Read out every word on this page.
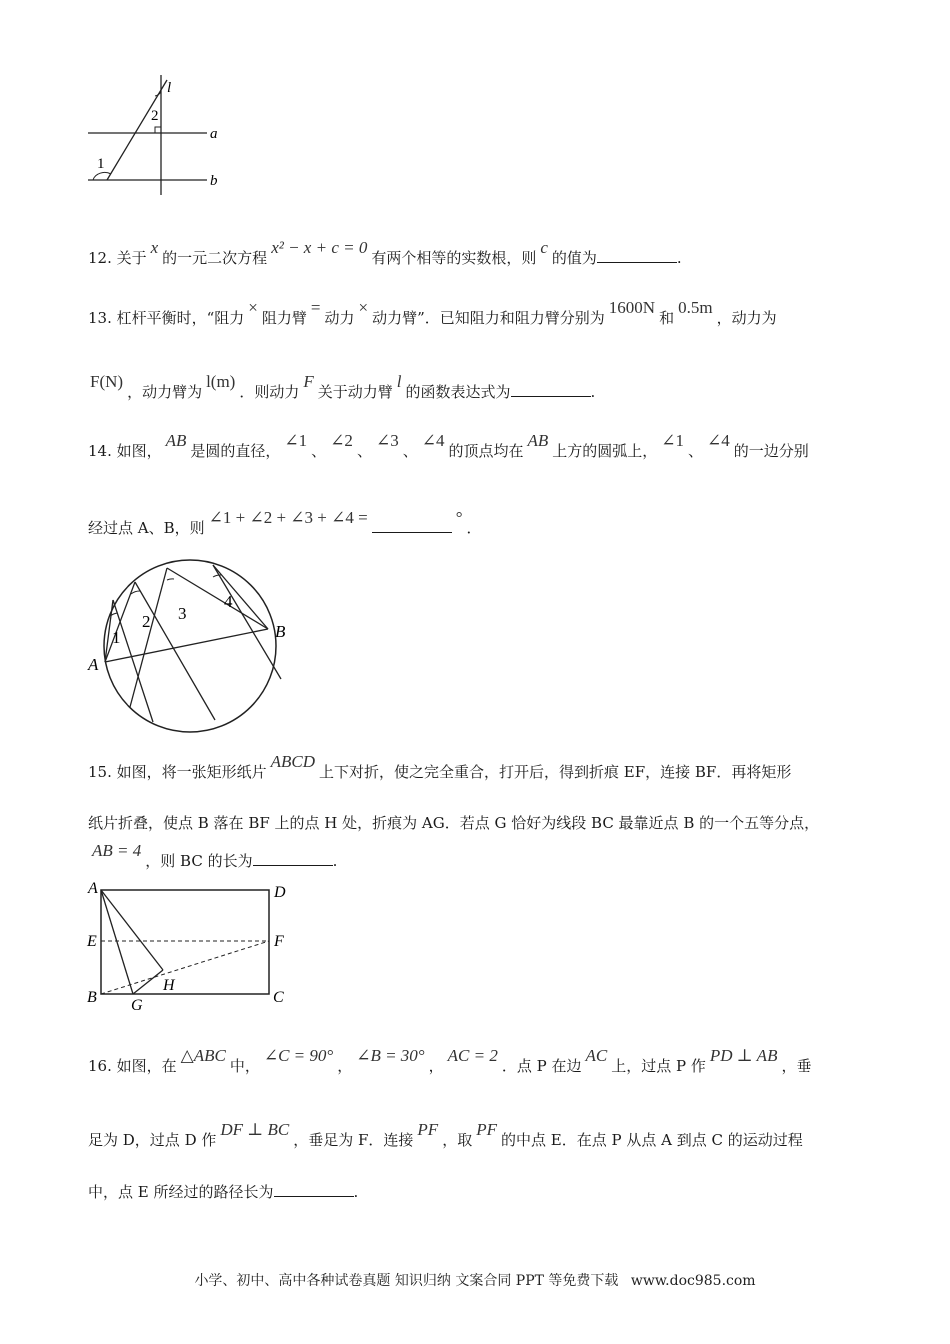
l
a
b
1
2
12. 关于x的一元二次方程x² − x + c = 0有两个相等的实数根，则c的值为	.
13. 杠杆平衡时，“阻力×阻力臂=动力×动力臂”．已知阻力和阻力臂分别为1600N和0.5m，动力为
F(N)，动力臂为l(m)．则动力F关于动力臂l的函数表达式为	.
14. 如图，AB是圆的直径，∠1、∠2、∠3、∠4的顶点均在AB上方的圆弧上，∠1、∠4的一边分别
经过点 A、B，则∠1 + ∠2 + ∠3 + ∠4 =	°．
A
B
1
2 3
4
15. 如图，将一张矩形纸片ABCD上下对折，使之完全重合，打开后，得到折痕 EF，连接 BF．再将矩形
纸片折叠，使点 B 落在 BF 上的点 H 处，折痕为 AG．若点 G 恰好为线段 BC 最靠近点 B 的一个五等分点，
AB = 4，则 BC 的长为	.
A	D
E	F
H
B G	C
16. 如图，在△ABC中，∠C = 90°，∠B = 30°，AC = 2．点 P 在边AC上，过点 P 作PD ⊥ AB，垂
足为 D，过点 D 作DF ⊥ BC，垂足为 F．连接PF，取PF的中点 E．在点 P 从点 A 到点 C 的运动过程
中，点 E 所经过的路径长为	.
小学、初中、高中各种试卷真题 知识归纳 文案合同 PPT 等免费下载 www.doc985.com
